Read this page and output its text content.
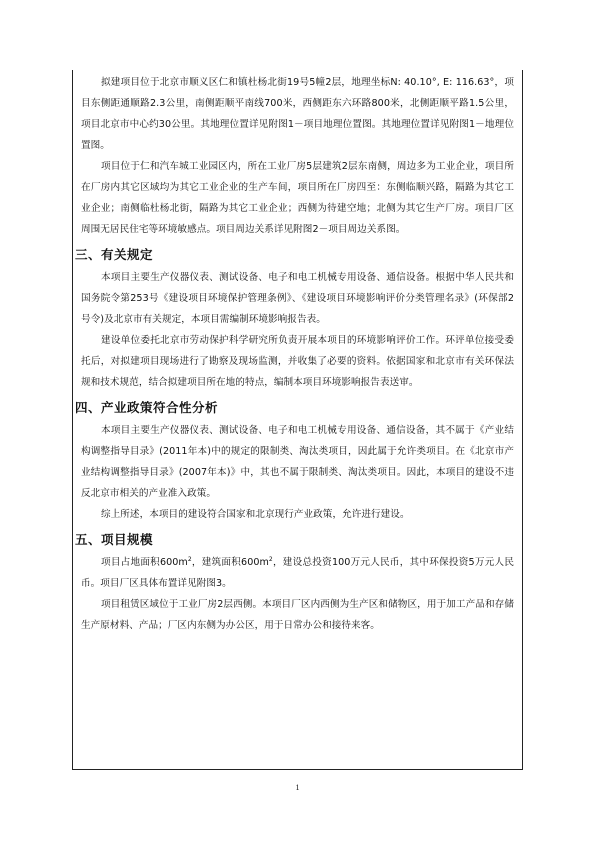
拟建项目位于北京市顺义区仁和镇杜杨北街19号5幢2层，地理坐标N: 40.10°, E: 116.63°，项目东侧距通顺路2.3公里，南侧距顺平南线700米，西侧距东六环路800米，北侧距顺平路1.5公里，项目北京市中心约30公里。其地理位置详见附图1－项目地理位置图。其地理位置详见附图1－地理位置图。

项目位于仁和汽车城工业园区内，所在工业厂房5层建筑2层东南侧，周边多为工业企业，项目所在厂房内其它区域均为其它工业企业的生产车间，项目所在厂房四至：东侧临顺兴路，隔路为其它工业企业；南侧临杜杨北街，隔路为其它工业企业；西侧为待建空地；北侧为其它生产厂房。项目厂区周围无居民住宅等环境敏感点。项目周边关系详见附图2－项目周边关系图。

三、有关规定

本项目主要生产仪器仪表、测试设备、电子和电工机械专用设备、通信设备。根据中华人民共和国务院令第253号《建设项目环境保护管理条例》、《建设项目环境影响评价分类管理名录》(环保部2号令)及北京市有关规定，本项目需编制环境影响报告表。

建设单位委托北京市劳动保护科学研究所负责开展本项目的环境影响评价工作。环评单位接受委托后，对拟建项目现场进行了勘察及现场监测，并收集了必要的资料。依据国家和北京市有关环保法规和技术规范，结合拟建项目所在地的特点，编制本项目环境影响报告表送审。

四、产业政策符合性分析

本项目主要生产仪器仪表、测试设备、电子和电工机械专用设备、通信设备，其不属于《产业结构调整指导目录》(2011年本)中的规定的限制类、淘汰类项目，因此属于允许类项目。在《北京市产业结构调整指导目录》(2007年本)》中，其也不属于限制类、淘汰类项目。因此，本项目的建设不违反北京市相关的产业准入政策。

综上所述，本项目的建设符合国家和北京现行产业政策，允许进行建设。

五、项目规模

项目占地面积$600m^2$，建筑面积$600m^2$，建设总投资100万元人民币，其中环保投资5万元人民币。项目厂区具体布置详见附图3。

项目租赁区域位于工业厂房2层西侧。本项目厂区内西侧为生产区和储物区，用于加工产品和存储生产原材料、产品；厂区内东侧为办公区，用于日常办公和接待来客。

1
